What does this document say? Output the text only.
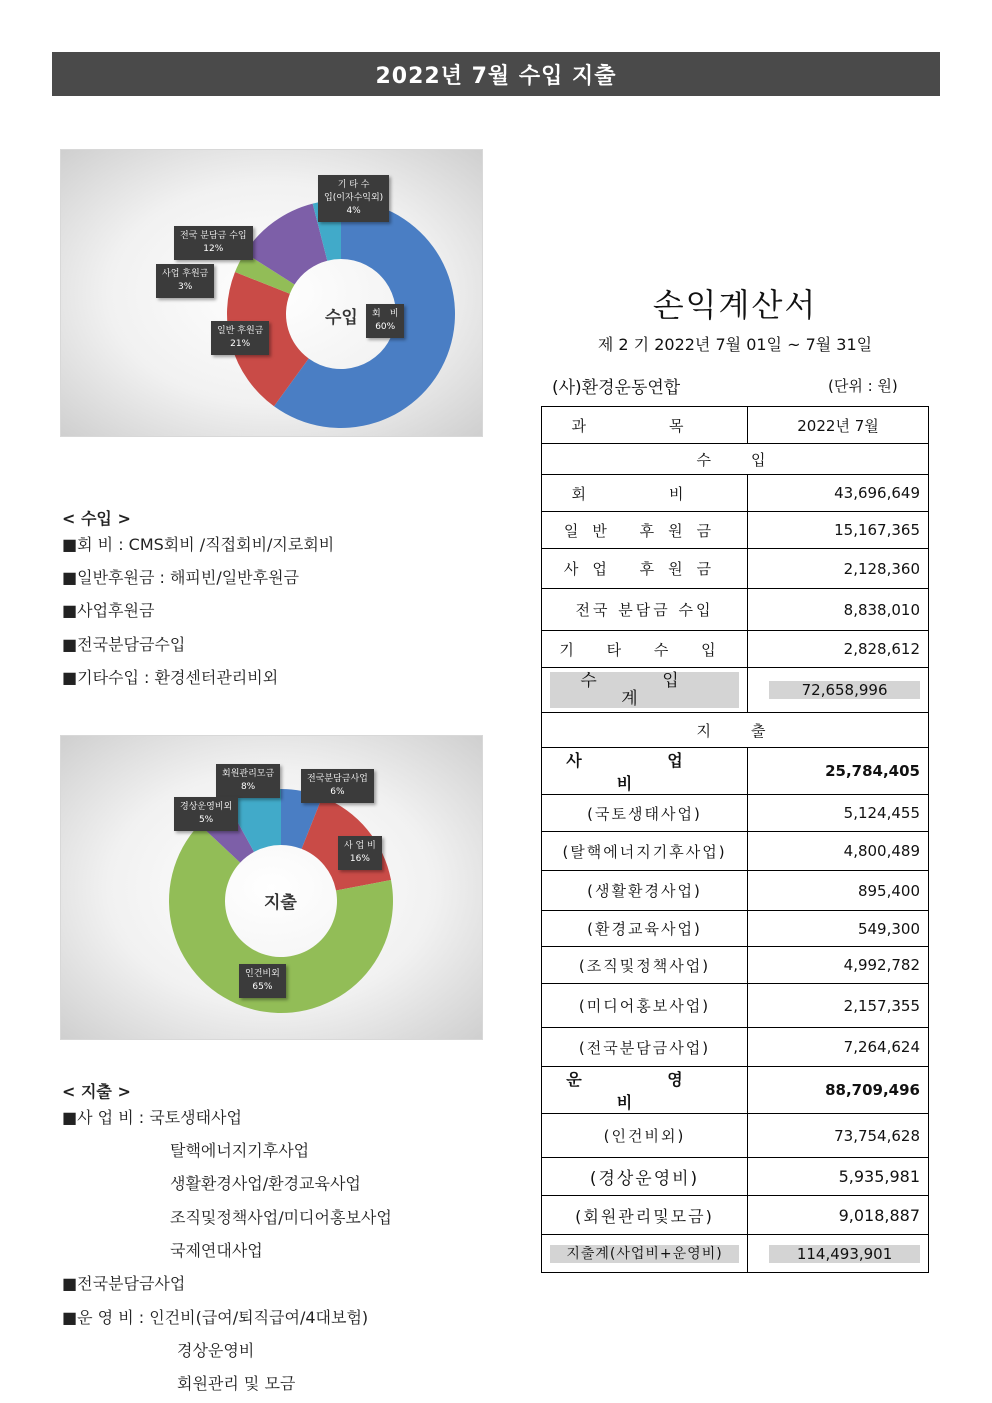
2022년 7월 수입 지출
수입
기 타 수
입(이자수익외)
4%
전국 분담금 수입
12%
사업 후원금
3%
일반 후원금
21%
회　비
60%
< 수입 >
■회 비 : CMS회비 /직접회비/지로회비
■일반후원금 : 해피빈/일반후원금
■사업후원금
■전국분담금수입
■기타수입 : 환경센터관리비외
지출
회원관리모금
8%
전국분담금사업
6%
경상운영비외
5%
사 업 비
16%
인건비외
65%
< 지출 >
■사 업 비 : 국토생태사업
탈핵에너지기후사업
생활환경사업/환경교육사업
조직및정책사업/미디어홍보사업
국제연대사업
■전국분담금사업
■운 영 비 : 인건비(급여/퇴직급여/4대보험)
경상운영비
회원관리 및 모금
손익계산서
제 2 기 2022년 7월 01일 ~ 7월 31일
(사)환경운동연합	(단위 : 원)
과　목	2022년 7월
수입	
회　비	43,696,649
일반 후원금	15,167,365
사업 후원금	2,128,360
전국 분담금 수입	8,838,010
기 타 수 입	2,828,612
수 입 계	72,658,996
지출	
사 업 비	25,784,405
(국토생태사업)	5,124,455
(탈핵에너지기후사업)	4,800,489
(생활환경사업)	895,400
(환경교육사업)	549,300
(조직및정책사업)	4,992,782
(미디어홍보사업)	2,157,355
(전국분담금사업)	7,264,624
운 영 비	88,709,496
(인건비외)	73,754,628
(경상운영비)	5,935,981
(회원관리및모금)	9,018,887
지출계(사업비+운영비)	114,493,901
